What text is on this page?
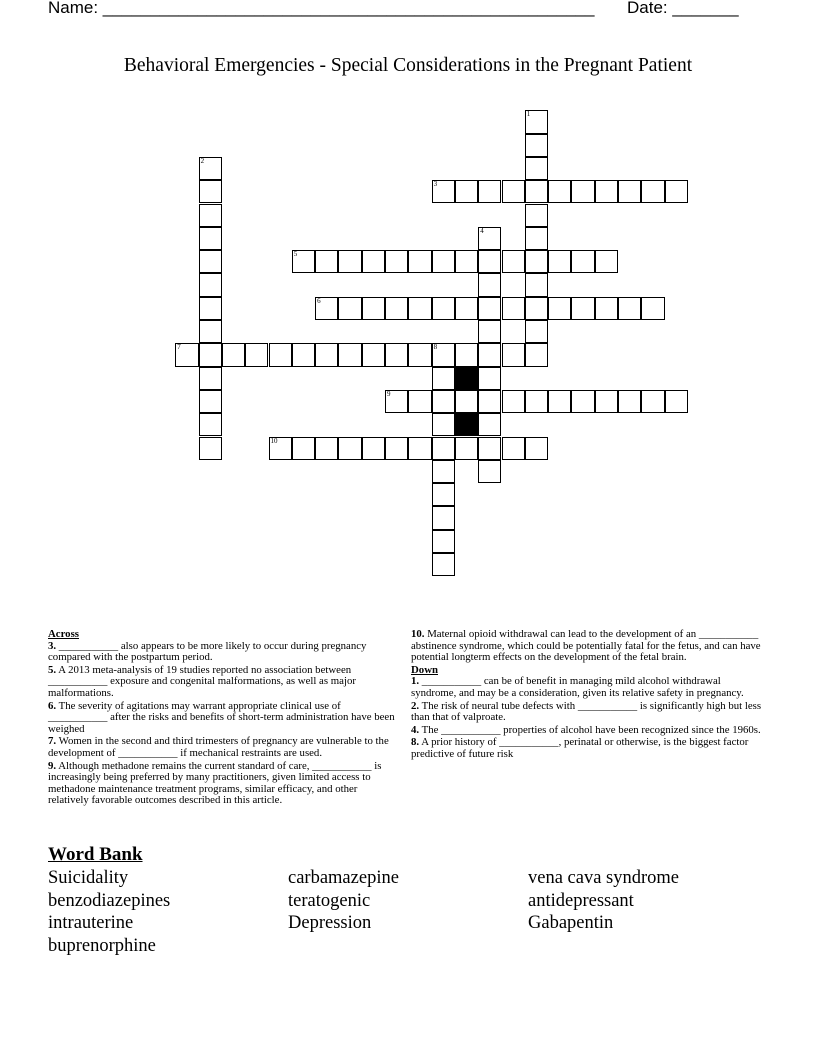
Name: ____________________________________________________ Date: _______
Behavioral Emergencies - Special Considerations in the Pregnant Patient
1
2
3
4
5
6
7	8
9
10
Across
3. ___________ also appears to be more likely to occur during pregnancy compared with the postpartum period.
5. A 2013 meta-analysis of 19 studies reported no association between ___________ exposure and congenital malformations, as well as major malformations.
6. The severity of agitations may warrant appropriate clinical use of ___________ after the risks and benefits of short-term administration have been weighed
7. Women in the second and third trimesters of pregnancy are vulnerable to the development of ___________ if mechanical restraints are used.
9. Although methadone remains the current standard of care, ___________ is increasingly being preferred by many practitioners, given limited access to methadone maintenance treatment programs, similar efficacy, and other relatively favorable outcomes described in this article.
10. Maternal opioid withdrawal can lead to the development of an ___________ abstinence syndrome, which could be potentially fatal for the fetus, and can have potential longterm effects on the development of the fetal brain.
Down
1. ___________ can be of benefit in managing mild alcohol withdrawal syndrome, and may be a consideration, given its relative safety in pregnancy.
2. The risk of neural tube defects with ___________ is significantly high but less than that of valproate.
4. The ___________ properties of alcohol have been recognized since the 1960s.
8. A prior history of ___________, perinatal or otherwise, is the biggest factor predictive of future risk
Word Bank
Suicidality	carbamazepine	vena cava syndrome
benzodiazepines	teratogenic	antidepressant
intrauterine	Depression	Gabapentin
buprenorphine
